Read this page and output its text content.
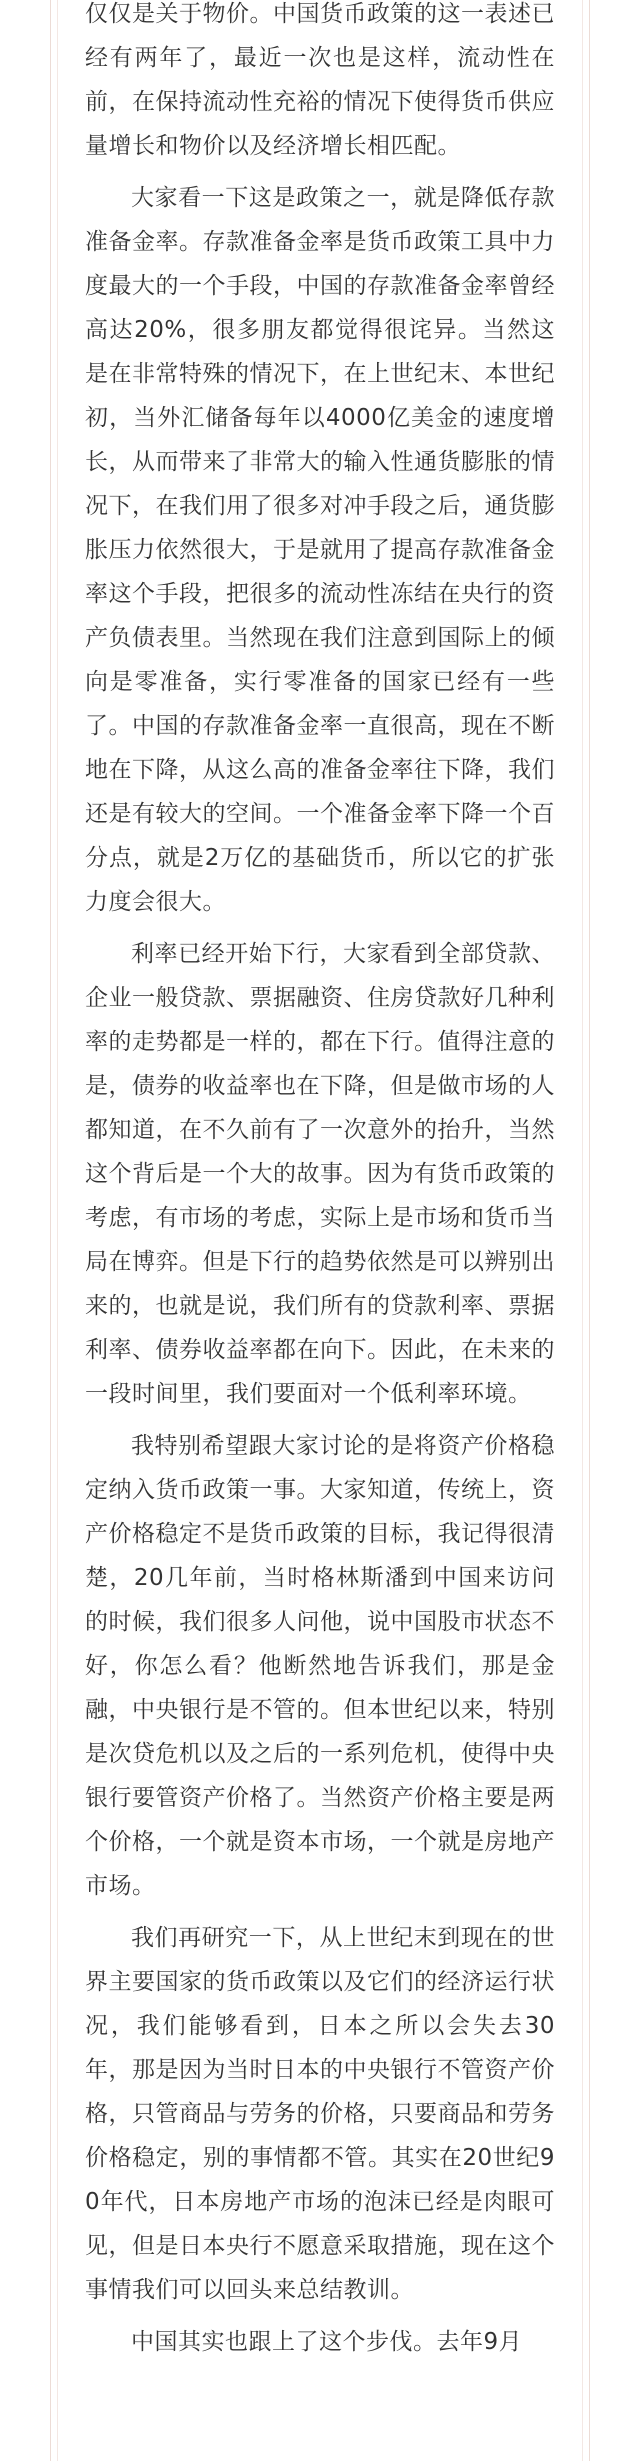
仅仅是关于物价。中国货币政策的这一表述已经有两年了，最近一次也是这样，流动性在前，在保持流动性充裕的情况下使得货币供应量增长和物价以及经济增长相匹配。

大家看一下这是政策之一，就是降低存款准备金率。存款准备金率是货币政策工具中力度最大的一个手段，中国的存款准备金率曾经高达20%，很多朋友都觉得很诧异。当然这是在非常特殊的情况下，在上世纪末、本世纪初，当外汇储备每年以4000亿美金的速度增长，从而带来了非常大的输入性通货膨胀的情况下，在我们用了很多对冲手段之后，通货膨胀压力依然很大，于是就用了提高存款准备金率这个手段，把很多的流动性冻结在央行的资产负债表里。当然现在我们注意到国际上的倾向是零准备，实行零准备的国家已经有一些了。中国的存款准备金率一直很高，现在不断地在下降，从这么高的准备金率往下降，我们还是有较大的空间。一个准备金率下降一个百分点，就是2万亿的基础货币，所以它的扩张力度会很大。

利率已经开始下行，大家看到全部贷款、企业一般贷款、票据融资、住房贷款好几种利率的走势都是一样的，都在下行。值得注意的是，债券的收益率也在下降，但是做市场的人都知道，在不久前有了一次意外的抬升，当然这个背后是一个大的故事。因为有货币政策的考虑，有市场的考虑，实际上是市场和货币当局在博弈。但是下行的趋势依然是可以辨别出来的，也就是说，我们所有的贷款利率、票据利率、债券收益率都在向下。因此，在未来的一段时间里，我们要面对一个低利率环境。

我特别希望跟大家讨论的是将资产价格稳定纳入货币政策一事。大家知道，传统上，资产价格稳定不是货币政策的目标，我记得很清楚，20几年前，当时格林斯潘到中国来访问的时候，我们很多人问他，说中国股市状态不好，你怎么看？他断然地告诉我们，那是金融，中央银行是不管的。但本世纪以来，特别是次贷危机以及之后的一系列危机，使得中央银行要管资产价格了。当然资产价格主要是两个价格，一个就是资本市场，一个就是房地产市场。

我们再研究一下，从上世纪末到现在的世界主要国家的货币政策以及它们的经济运行状况，我们能够看到，日本之所以会失去30年，那是因为当时日本的中央银行不管资产价格，只管商品与劳务的价格，只要商品和劳务价格稳定，别的事情都不管。其实在20世纪90年代，日本房地产市场的泡沫已经是肉眼可见，但是日本央行不愿意采取措施，现在这个事情我们可以回头来总结教训。

中国其实也跟上了这个步伐。去年9月
